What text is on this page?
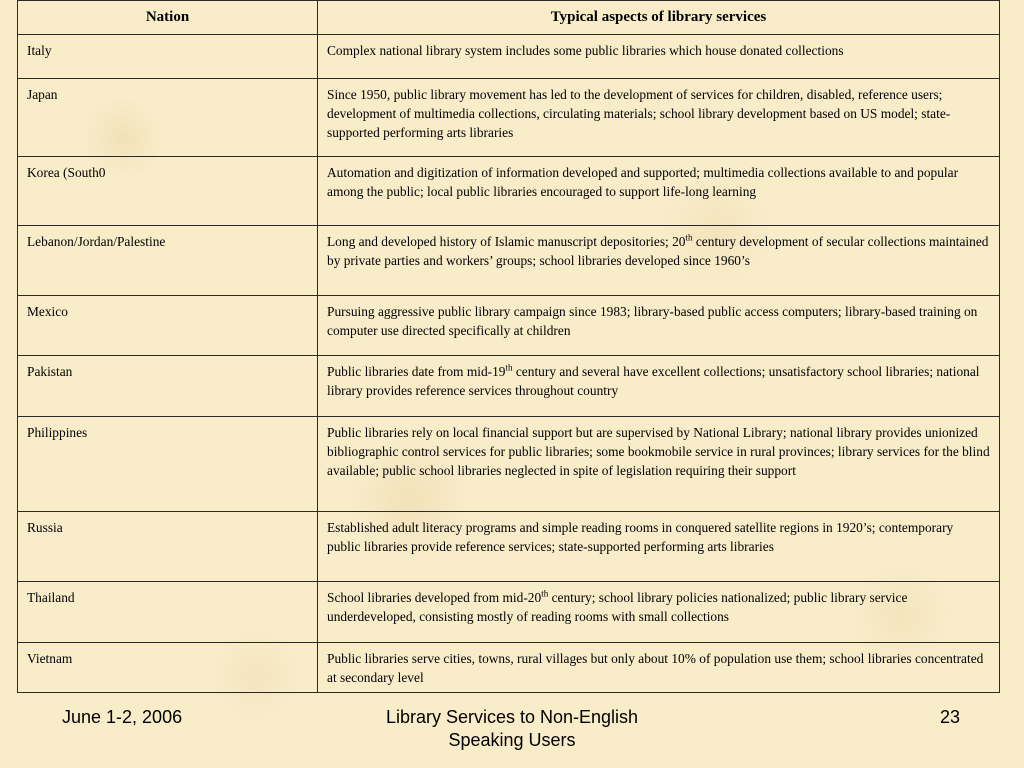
Nation	Typical aspects of library services
Italy	Complex national library system includes some public libraries which house donated collections
Japan	Since 1950, public library movement has led to the development of services for children, disabled, reference users; development of multimedia collections, circulating materials; school library development based on US model; state-supported performing arts libraries
Korea (South0	Automation and digitization of information developed and supported; multimedia collections available to and popular among the public; local public libraries encouraged to support life-long learning
Lebanon/Jordan/Palestine	Long and developed history of Islamic manuscript depositories; 20th century development of secular collections maintained by private parties and workers’ groups; school libraries developed since 1960’s
Mexico	Pursuing aggressive public library campaign since 1983; library-based public access computers; library-based training on computer use directed specifically at children
Pakistan	Public libraries date from mid-19th century and several have excellent collections; unsatisfactory school libraries; national library provides reference services throughout country
Philippines	Public libraries rely on local financial support but are supervised by National Library; national library provides unionized bibliographic control services for public libraries; some bookmobile service in rural provinces; library services for the blind available; public school libraries neglected in spite of legislation requiring their support
Russia	Established adult literacy programs and simple reading rooms in conquered satellite regions in 1920’s; contemporary public libraries provide reference services; state-supported performing arts libraries
Thailand	School libraries developed from mid-20th century; school library policies nationalized; public library service underdeveloped, consisting mostly of reading rooms with small collections
Vietnam	Public libraries serve cities, towns, rural villages but only about 10% of population use them; school libraries concentrated at secondary level
June 1-2, 2006	Library Services to Non-English
Speaking Users
23
